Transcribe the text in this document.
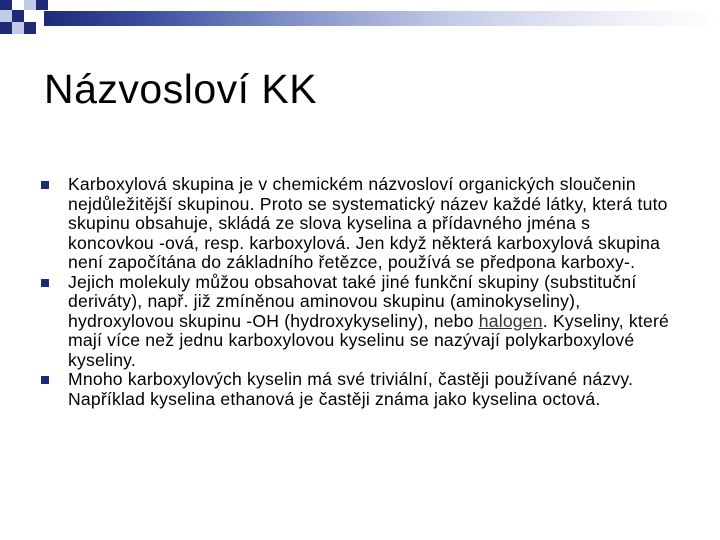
Názvosloví KK
Karboxylová skupina je v chemickém názvosloví organických sloučenin nejdůležitější skupinou. Proto se systematický název každé látky, která tuto skupinu obsahuje, skládá ze slova kyselina a přídavného jména s koncovkou -ová, resp. karboxylová. Jen když některá karboxylová skupina není započítána do základního řetězce, používá se předpona karboxy-.
Jejich molekuly můžou obsahovat také jiné funkční skupiny (substituční deriváty), např. již zmíněnou aminovou skupinu (aminokyseliny), hydroxylovou skupinu -OH (hydroxykyseliny), nebo halogen. Kyseliny, které mají více než jednu karboxylovou kyselinu se nazývají polykarboxylové kyseliny.
Mnoho karboxylových kyselin má své triviální, častěji používané názvy. Například kyselina ethanová je častěji známa jako kyselina octová.
